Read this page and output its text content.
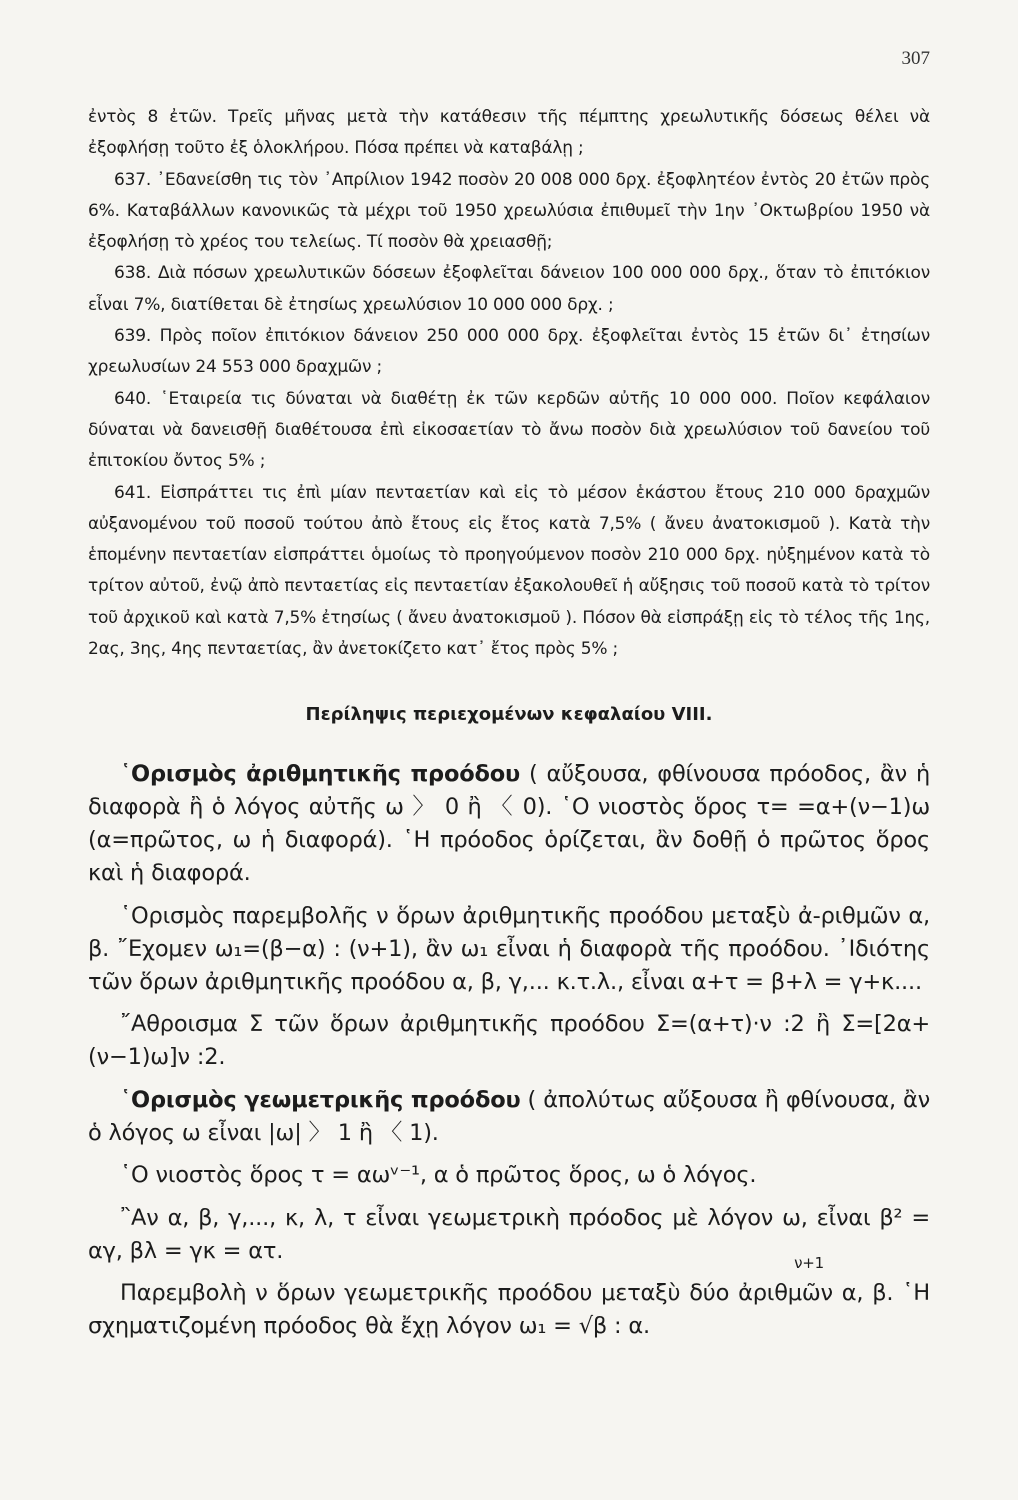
307

ἐντὸς 8 ἐτῶν. Τρεῖς μῆνας μετὰ τὴν κατάθεσιν τῆς πέμπτης χρεωλυτικῆς δόσεως θέλει νὰ ἐξοφλήσῃ τοῦτο ἐξ ὁλοκλήρου. Πόσα πρέπει νὰ καταβάλῃ ;

637. ᾿Εδανείσθη τις τὸν ᾿Απρίλιον 1942 ποσὸν 20 008 000 δρχ. ἐξοφλητέον ἐντὸς 20 ἐτῶν πρὸς 6%. Καταβάλλων κανονικῶς τὰ μέχρι τοῦ 1950 χρεωλύσια ἐπιθυμεῖ τὴν 1ην ᾿Οκτωβρίου 1950 νὰ ἐξοφλήσῃ τὸ χρέος του τελείως. Τί ποσὸν θὰ χρειασθῇ;

638. Διὰ πόσων χρεωλυτικῶν δόσεων ἐξοφλεῖται δάνειον 100 000 000 δρχ., ὅταν τὸ ἐπιτόκιον εἶναι 7%, διατίθεται δὲ ἐτησίως χρεωλύσιον 10 000 000 δρχ. ;

639. Πρὸς ποῖον ἐπιτόκιον δάνειον 250 000 000 δρχ. ἐξοφλεῖται ἐντὸς 15 ἐτῶν δι᾿ ἐτησίων χρεωλυσίων 24 553 000 δραχμῶν ;

640. ῾Εταιρεία τις δύναται νὰ διαθέτῃ ἐκ τῶν κερδῶν αὐτῆς 10 000 000. Ποῖον κεφάλαιον δύναται νὰ δανεισθῇ διαθέτουσα ἐπὶ εἰκοσαετίαν τὸ ἄνω ποσὸν διὰ χρεωλύσιον τοῦ δανείου τοῦ ἐπιτοκίου ὄντος 5% ;

641. Εἰσπράττει τις ἐπὶ μίαν πενταετίαν καὶ εἰς τὸ μέσον ἑκάστου ἔτους 210 000 δραχμῶν αὐξανομένου τοῦ ποσοῦ τούτου ἀπὸ ἔτους εἰς ἔτος κατὰ 7,5% ( ἄνευ ἀνατοκισμοῦ ). Κατὰ τὴν ἑπομένην πενταετίαν εἰσπράττει ὁμοίως τὸ προηγούμενον ποσὸν 210 000 δρχ. ηὐξημένον κατὰ τὸ τρίτον αὐτοῦ, ἐνῷ ἀπὸ πενταετίας εἰς πενταετίαν ἐξακολουθεῖ ἡ αὔξησις τοῦ ποσοῦ κατὰ τὸ τρίτον τοῦ ἀρχικοῦ καὶ κατὰ 7,5% ἐτησίως ( ἄνευ ἀνατοκισμοῦ ). Πόσον θὰ εἰσπράξῃ εἰς τὸ τέλος τῆς 1ης, 2ας, 3ης, 4ης πενταετίας, ἂν ἀνετοκίζετο κατ᾿ ἔτος πρὸς 5% ;

Περίληψις περιεχομένων κεφαλαίου VIII.

῾Ορισμὸς ἀριθμητικῆς προόδου ( αὔξουσα, φθίνουσα πρόοδος, ἂν ἡ διαφορὰ ἢ ὁ λόγος αὐτῆς ω 〉 0 ἢ 〈 0). ῾Ο νιοστὸς ὅρος τ= =α+(ν−1)ω (α=πρῶτος, ω ἡ διαφορά). ῾Η πρόοδος ὁρίζεται, ἂν δοθῇ ὁ πρῶτος ὅρος καὶ ἡ διαφορά.

῾Ορισμὸς παρεμβολῆς ν ὅρων ἀριθμητικῆς προόδου μεταξὺ ἀ-ριθμῶν α, β. ῎Εχομεν ω₁=(β−α) : (ν+1), ἂν ω₁ εἶναι ἡ διαφορὰ τῆς προόδου. ᾿Ιδιότης τῶν ὅρων ἀριθμητικῆς προόδου α, β, γ,... κ.τ.λ., εἶναι α+τ = β+λ = γ+κ....

῎Αθροισμα Σ τῶν ὅρων ἀριθμητικῆς προόδου Σ=(α+τ)·ν :2 ἢ Σ=[2α+(ν−1)ω]ν :2.

῾Ορισμὸς γεωμετρικῆς προόδου ( ἀπολύτως αὔξουσα ἢ φθίνουσα, ἂν ὁ λόγος ω εἶναι |ω| 〉 1 ἢ 〈 1).

῾Ο νιοστὸς ὅρος τ = αωᵛ⁻¹, α ὁ πρῶτος ὅρος, ω ὁ λόγος.

῍Αν α, β, γ,..., κ, λ, τ εἶναι γεωμετρικὴ πρόοδος μὲ λόγον ω, εἶναι β² = αγ, βλ = γκ = ατ.	ν+1
Παρεμβολὴ ν ὅρων γεωμετρικῆς προόδου μεταξὺ δύο ἀριθμῶν α, β. ῾Η σχηματιζομένη πρόοδος θὰ ἔχῃ λόγον ω₁ = √β : α.
